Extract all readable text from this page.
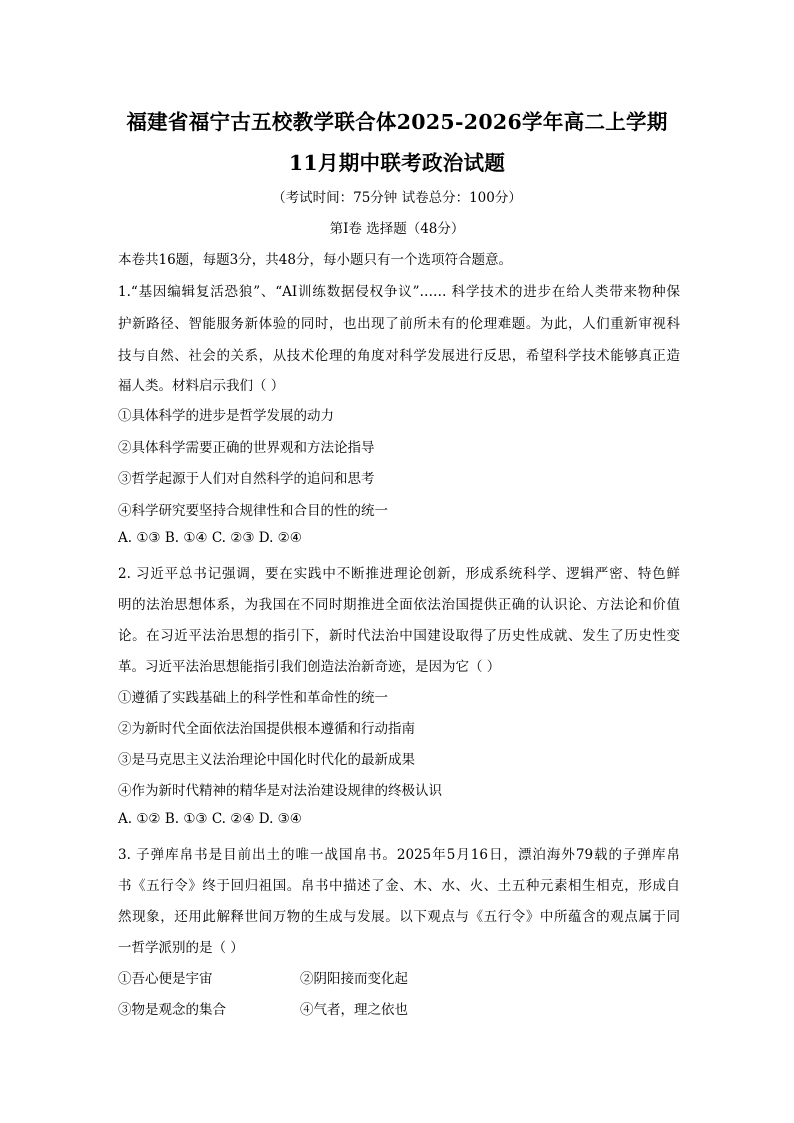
福建省福宁古五校教学联合体2025-2026学年高二上学期
11月期中联考政治试题
（考试时间：75分钟 试卷总分：100分）
第Ⅰ卷 选择题（48分）
本卷共16题，每题3分，共48分，每小题只有一个选项符合题意。
1.“基因编辑复活恐狼”、“AI训练数据侵权争议”…… 科学技术的进步在给人类带来物种保
护新路径、智能服务新体验的同时，也出现了前所未有的伦理难题。为此，人们重新审视科
技与自然、社会的关系，从技术伦理的角度对科学发展进行反思，希望科学技术能够真正造
福人类。材料启示我们（ ）
①具体科学的进步是哲学发展的动力
②具体科学需要正确的世界观和方法论指导
③哲学起源于人们对自然科学的追问和思考
④科学研究要坚持合规律性和合目的性的统一
A. ①③ B. ①④ C. ②③ D. ②④
2. 习近平总书记强调，要在实践中不断推进理论创新，形成系统科学、逻辑严密、特色鲜
明的法治思想体系，为我国在不同时期推进全面依法治国提供正确的认识论、方法论和价值
论。在习近平法治思想的指引下，新时代法治中国建设取得了历史性成就、发生了历史性变
革。习近平法治思想能指引我们创造法治新奇迹，是因为它（ ）
①遵循了实践基础上的科学性和革命性的统一
②为新时代全面依法治国提供根本遵循和行动指南
③是马克思主义法治理论中国化时代化的最新成果
④作为新时代精神的精华是对法治建设规律的终极认识
A. ①② B. ①③ C. ②④ D. ③④
3. 子弹库帛书是目前出土的唯一战国帛书。2025年5月16日，漂泊海外79载的子弹库帛
书《五行令》终于回归祖国。帛书中描述了金、木、水、火、土五种元素相生相克，形成自
然现象，还用此解释世间万物的生成与发展。以下观点与《五行令》中所蕴含的观点属于同
一哲学派别的是（ ）
①吾心便是宇宙	②阴阳接而变化起
③物是观念的集合	④气者，理之依也
